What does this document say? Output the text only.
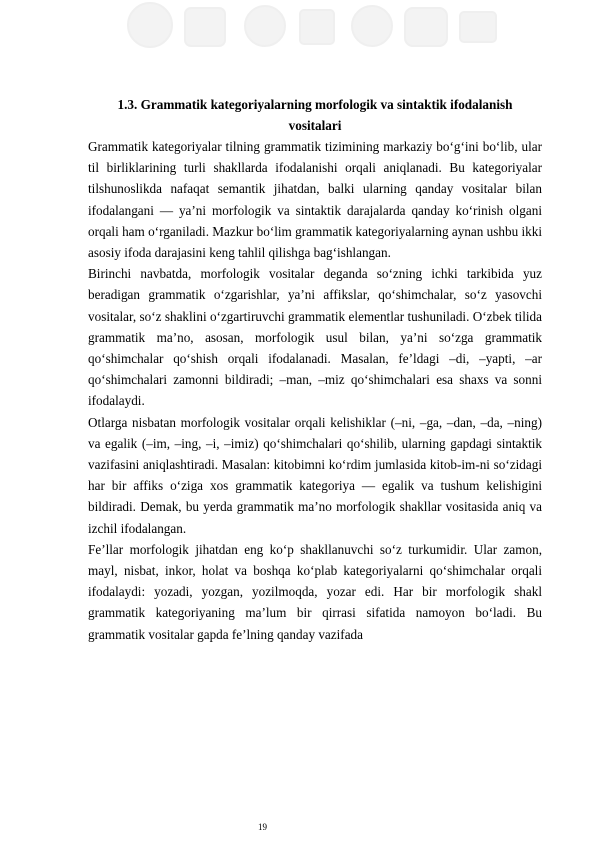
1.3. Grammatik kategoriyalarning morfologik va sintaktik ifodalanish
vositalari

Grammatik kategoriyalar tilning grammatik tizimining markaziy bo‘g‘ini bo‘lib, ular til birliklarining turli shakllarda ifodalanishi orqali aniqlanadi. Bu kategoriyalar tilshunoslikda nafaqat semantik jihatdan, balki ularning qanday vositalar bilan ifodalangani — ya’ni morfologik va sintaktik darajalarda qanday ko‘rinish olgani orqali ham o‘rganiladi. Mazkur bo‘lim grammatik kategoriyalarning aynan ushbu ikki asosiy ifoda darajasini keng tahlil qilishga bag‘ishlangan.

Birinchi navbatda, morfologik vositalar deganda so‘zning ichki tarkibida yuz beradigan grammatik o‘zgarishlar, ya’ni affikslar, qo‘shimchalar, so‘z yasovchi vositalar, so‘z shaklini o‘zgartiruvchi grammatik elementlar tushuniladi. O‘zbek tilida grammatik ma’no, asosan, morfologik usul bilan, ya’ni so‘zga grammatik qo‘shimchalar qo‘shish orqali ifodalanadi. Masalan, fe’ldagi –di, –yapti, –ar qo‘shimchalari zamonni bildiradi; –man, –miz qo‘shimchalari esa shaxs va sonni ifodalaydi.

Otlarga nisbatan morfologik vositalar orqali kelishiklar (–ni, –ga, –dan, –da, –ning) va egalik (–im, –ing, –i, –imiz) qo‘shimchalari qo‘shilib, ularning gapdagi sintaktik vazifasini aniqlashtiradi. Masalan: kitobimni ko‘rdim jumlasida kitob-im-ni so‘zidagi har bir affiks o‘ziga xos grammatik kategoriya — egalik va tushum kelishigini bildiradi. Demak, bu yerda grammatik ma’no morfologik shakllar vositasida aniq va izchil ifodalangan.

Fe’llar morfologik jihatdan eng ko‘p shakllanuvchi so‘z turkumidir. Ular zamon, mayl, nisbat, inkor, holat va boshqa ko‘plab kategoriyalarni qo‘shimchalar orqali ifodalaydi: yozadi, yozgan, yozilmoqda, yozar edi. Har bir morfologik shakl grammatik kategoriyaning ma’lum bir qirrasi sifatida namoyon bo‘ladi. Bu grammatik vositalar gapda fe’lning qanday vazifada

19
